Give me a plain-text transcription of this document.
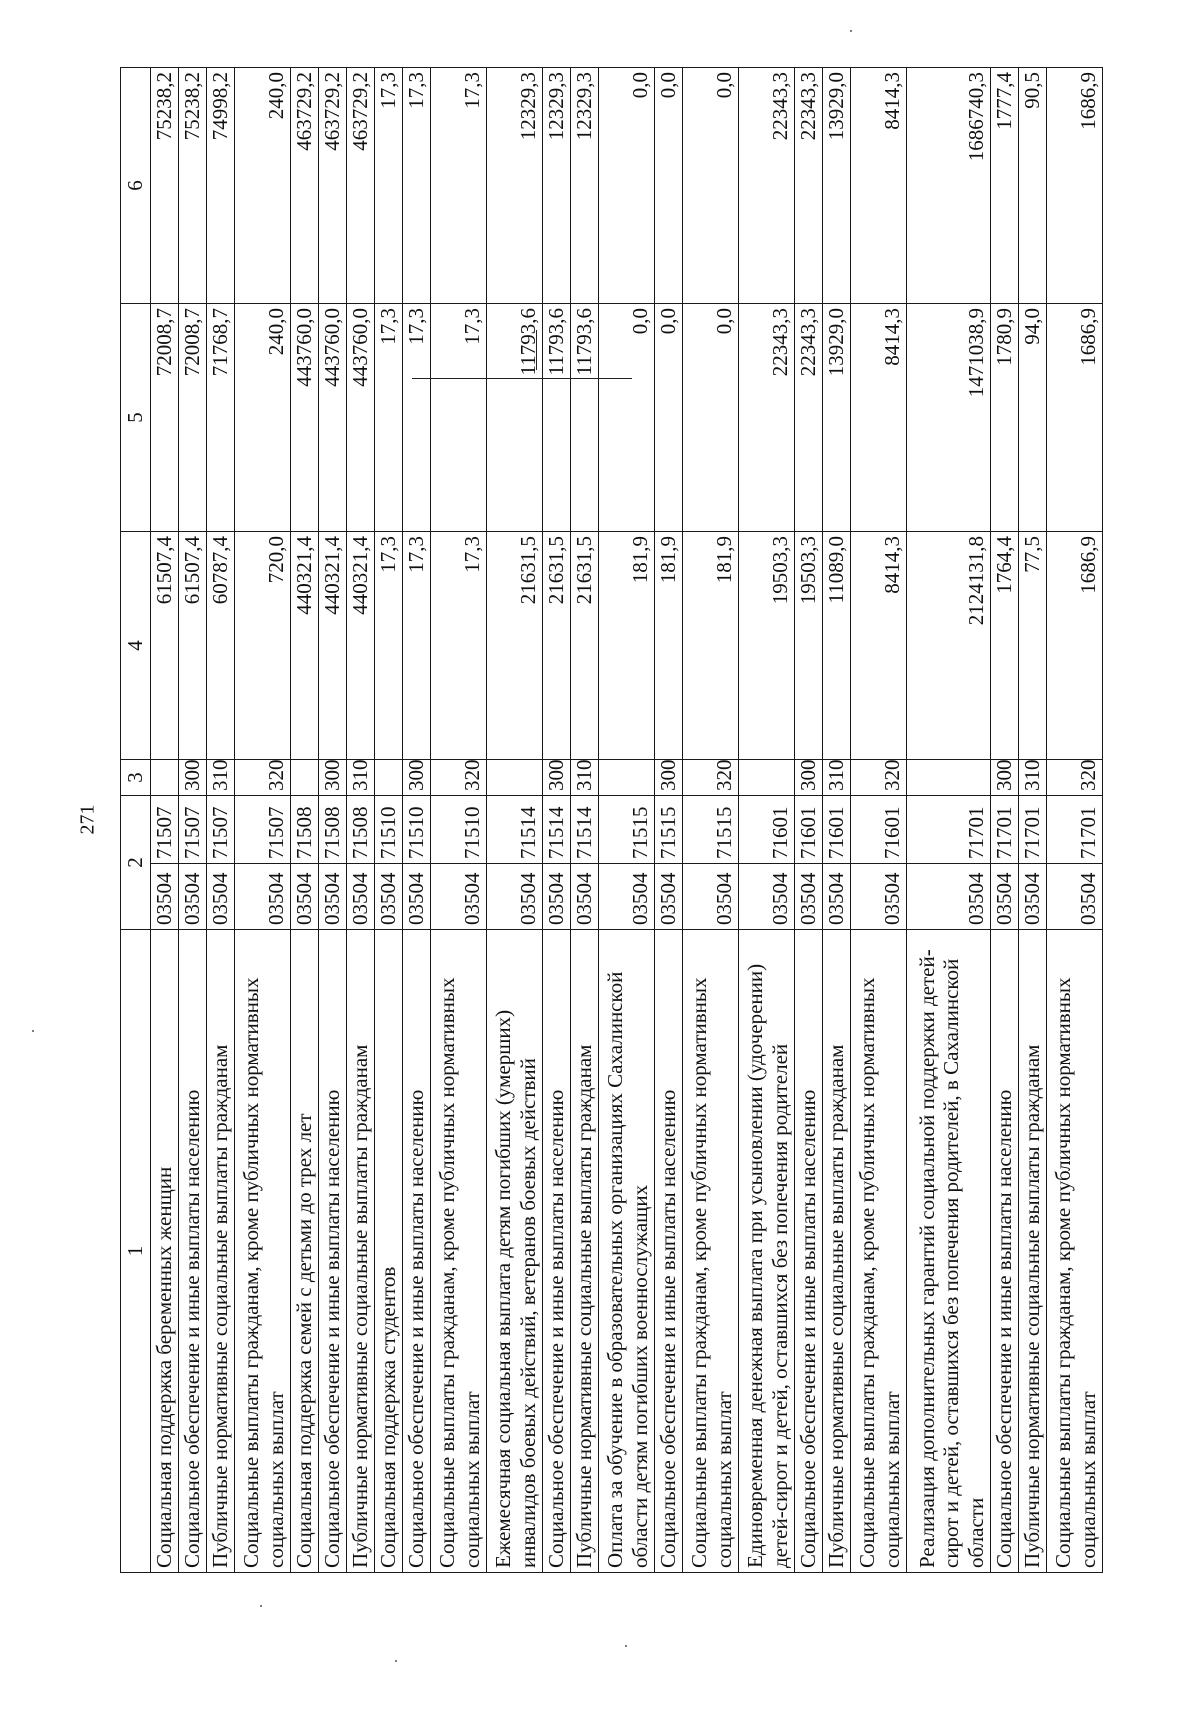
271
1	2		3	4	5	6
Социальная поддержка беременных женщин	03504	71507		61507,4	72008,7	75238,2
Социальное обеспечение и иные выплаты населению	03504	71507	300	61507,4	72008,7	75238,2
Публичные нормативные социальные выплаты гражданам	03504	71507	310	60787,4	71768,7	74998,2
Социальные выплаты гражданам, кроме публичных нормативных социальных выплат	03504	71507	320	720,0	240,0	240,0
Социальная поддержка семей с детьми до трех лет	03504	71508		440321,4	443760,0	463729,2
Социальное обеспечение и иные выплаты населению	03504	71508	300	440321,4	443760,0	463729,2
Публичные нормативные социальные выплаты гражданам	03504	71508	310	440321,4	443760,0	463729,2
Социальная поддержка студентов	03504	71510		17,3	17,3	17,3
Социальное обеспечение и иные выплаты населению	03504	71510	300	17,3	17,3	17,3
Социальные выплаты гражданам, кроме публичных нормативных социальных выплат	03504	71510	320	17,3	17,3	17,3
Ежемесячная социальная выплата детям погибших (умерших) инвалидов боевых действий, ветеранов боевых действий	03504	71514		21631,5	11793,6	12329,3
Социальное обеспечение и иные выплаты населению	03504	71514	300	21631,5	11793,6	12329,3
Публичные нормативные социальные выплаты гражданам	03504	71514	310	21631,5	11793,6	12329,3
Оплата за обучение в образовательных организациях Сахалинской области детям погибших военнослужащих	03504	71515		181,9	0,0	0,0
Социальное обеспечение и иные выплаты населению	03504	71515	300	181,9	0,0	0,0
Социальные выплаты гражданам, кроме публичных нормативных социальных выплат	03504	71515	320	181,9	0,0	0,0
Единовременная денежная выплата при усыновлении (удочерении) детей-сирот и детей, оставшихся без попечения родителей	03504	71601		19503,3	22343,3	22343,3
Социальное обеспечение и иные выплаты населению	03504	71601	300	19503,3	22343,3	22343,3
Публичные нормативные социальные выплаты гражданам	03504	71601	310	11089,0	13929,0	13929,0
Социальные выплаты гражданам, кроме публичных нормативных социальных выплат	03504	71601	320	8414,3	8414,3	8414,3
Реализация дополнительных гарантий социальной поддержки детей-сирот и детей, оставшихся без попечения родителей, в Сахалинской области	03504	71701		2124131,8	1471038,9	1686740,3
Социальное обеспечение и иные выплаты населению	03504	71701	300	1764,4	1780,9	1777,4
Публичные нормативные социальные выплаты гражданам	03504	71701	310	77,5	94,0	90,5
Социальные выплаты гражданам, кроме публичных нормативных социальных выплат	03504	71701	320	1686,9	1686,9	1686,9
